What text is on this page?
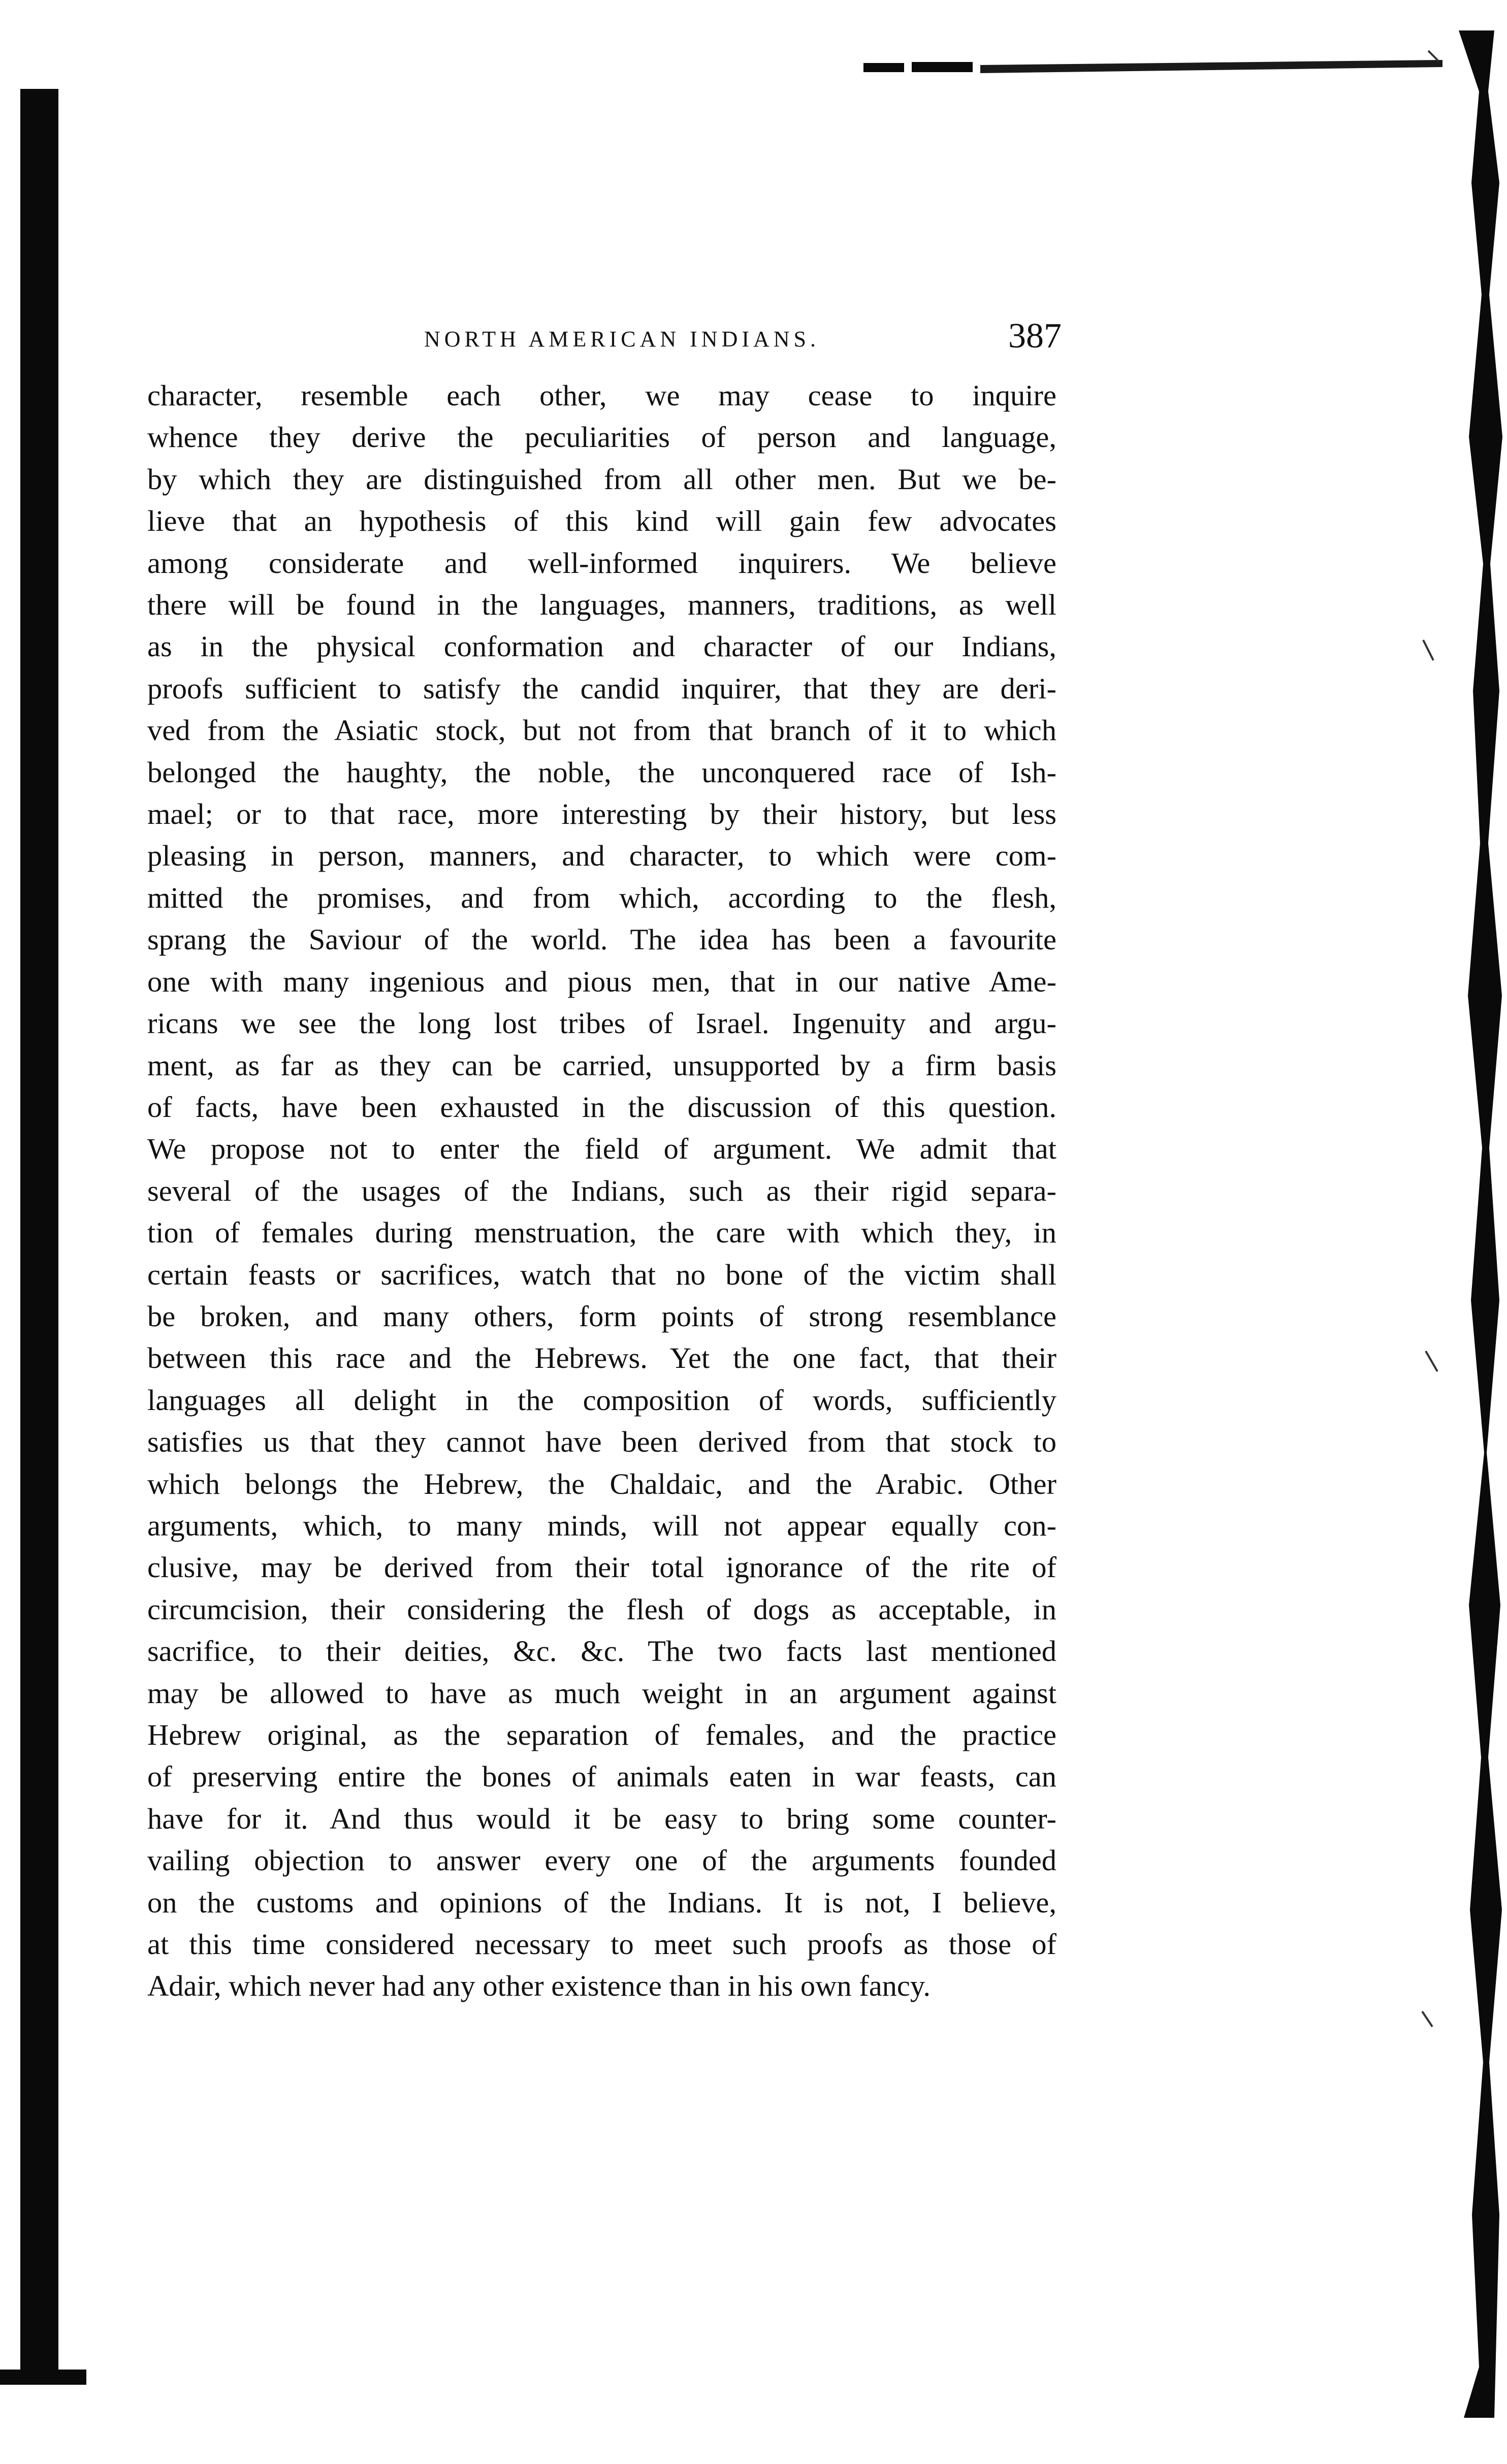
NORTH AMERICAN INDIANS.	387
character, resemble each other, we may cease to inquire
whence they derive the peculiarities of person and language,
by which they are distinguished from all other men. But we be-
lieve that an hypothesis of this kind will gain few advocates
among considerate and well-informed inquirers. We believe
there will be found in the languages, manners, traditions, as well
as in the physical conformation and character of our Indians,
proofs sufficient to satisfy the candid inquirer, that they are deri-
ved from the Asiatic stock, but not from that branch of it to which
belonged the haughty, the noble, the unconquered race of Ish-
mael; or to that race, more interesting by their history, but less
pleasing in person, manners, and character, to which were com-
mitted the promises, and from which, according to the flesh,
sprang the Saviour of the world. The idea has been a favourite
one with many ingenious and pious men, that in our native Ame-
ricans we see the long lost tribes of Israel. Ingenuity and argu-
ment, as far as they can be carried, unsupported by a firm basis
of facts, have been exhausted in the discussion of this question.
We propose not to enter the field of argument. We admit that
several of the usages of the Indians, such as their rigid separa-
tion of females during menstruation, the care with which they, in
certain feasts or sacrifices, watch that no bone of the victim shall
be broken, and many others, form points of strong resemblance
between this race and the Hebrews. Yet the one fact, that their
languages all delight in the composition of words, sufficiently
satisfies us that they cannot have been derived from that stock to
which belongs the Hebrew, the Chaldaic, and the Arabic. Other
arguments, which, to many minds, will not appear equally con-
clusive, may be derived from their total ignorance of the rite of
circumcision, their considering the flesh of dogs as acceptable, in
sacrifice, to their deities, &c. &c. The two facts last mentioned
may be allowed to have as much weight in an argument against
Hebrew original, as the separation of females, and the practice
of preserving entire the bones of animals eaten in war feasts, can
have for it. And thus would it be easy to bring some counter-
vailing objection to answer every one of the arguments founded
on the customs and opinions of the Indians. It is not, I believe,
at this time considered necessary to meet such proofs as those of
Adair, which never had any other existence than in his own fancy.
